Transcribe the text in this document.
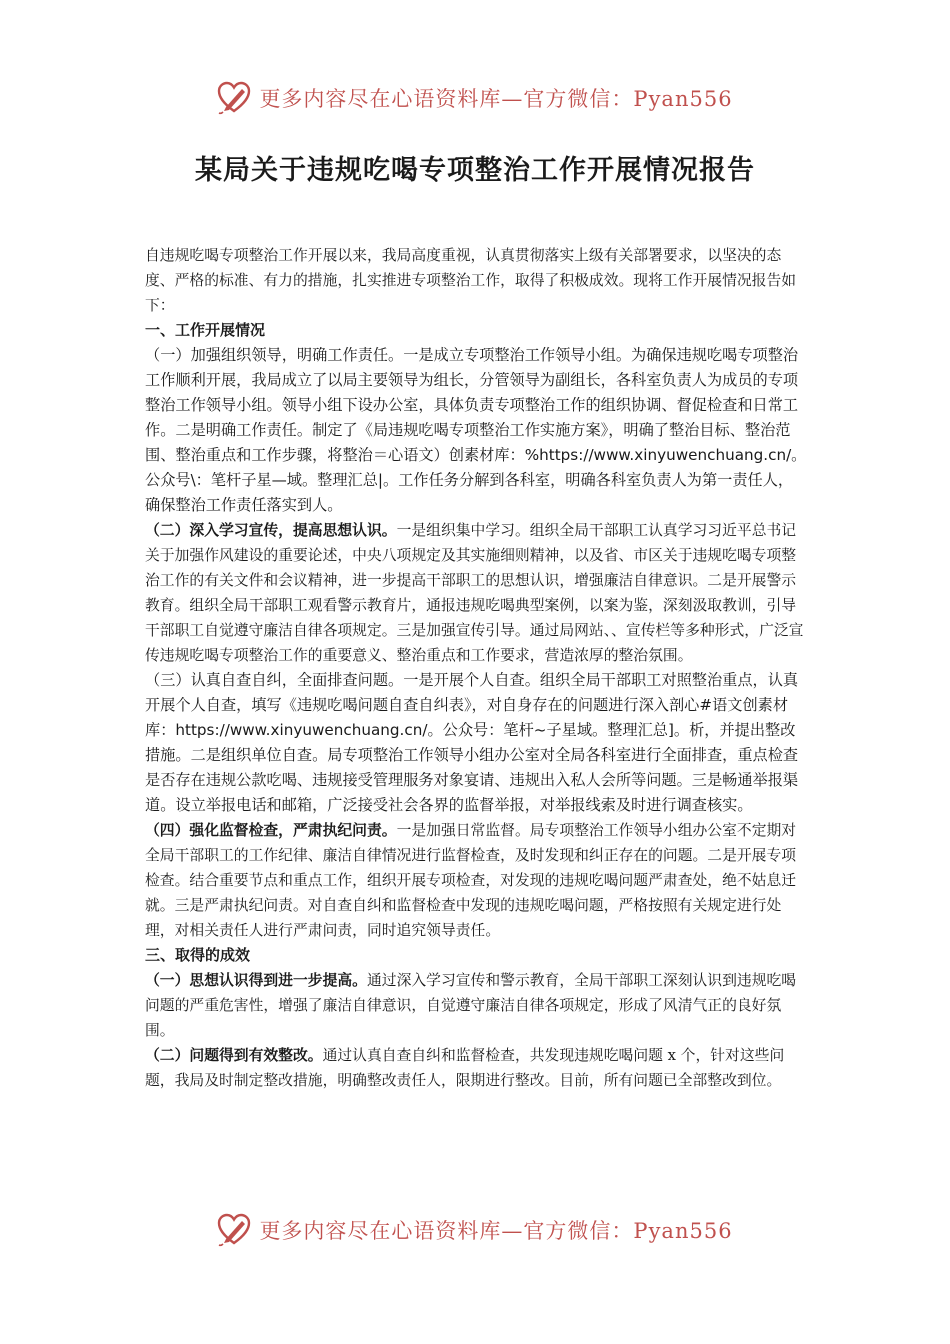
更多内容尽在心语资料库—官方微信：Pyan556
某局关于违规吃喝专项整治工作开展情况报告

自违规吃喝专项整治工作开展以来，我局高度重视，认真贯彻落实上级有关部署要求，以坚决的态度、严格的标准、有力的措施，扎实推进专项整治工作，取得了积极成效。现将工作开展情况报告如下：

一、工作开展情况

（一）加强组织领导，明确工作责任。一是成立专项整治工作领导小组。为确保违规吃喝专项整治工作顺利开展，我局成立了以局主要领导为组长，分管领导为副组长，各科室负责人为成员的专项整治工作领导小组。领导小组下设办公室，具体负责专项整治工作的组织协调、督促检查和日常工作。二是明确工作责任。制定了《局违规吃喝专项整治工作实施方案》，明确了整治目标、整治范围、整治重点和工作步骤，将整治＝心语文）创素材库：%https://www.xinyuwenchuang.cn/。公众号\：笔杆子星—域。整理汇总|。工作任务分解到各科室，明确各科室负责人为第一责任人，确保整治工作责任落实到人。

（二）深入学习宣传，提高思想认识。一是组织集中学习。组织全局干部职工认真学习习近平总书记关于加强作风建设的重要论述，中央八项规定及其实施细则精神，以及省、市区关于违规吃喝专项整治工作的有关文件和会议精神，进一步提高干部职工的思想认识，增强廉洁自律意识。二是开展警示教育。组织全局干部职工观看警示教育片，通报违规吃喝典型案例，以案为鉴，深刻汲取教训，引导干部职工自觉遵守廉洁自律各项规定。三是加强宣传引导。通过局网站、、宣传栏等多种形式，广泛宣传违规吃喝专项整治工作的重要意义、整治重点和工作要求，营造浓厚的整治氛围。

（三）认真自查自纠，全面排查问题。一是开展个人自查。组织全局干部职工对照整治重点，认真开展个人自查，填写《违规吃喝问题自查自纠表》，对自身存在的问题进行深入剖心#语文创素材库：https://www.xinyuwenchuang.cn/。公众号：笔杆~子星域。整理汇总]。析，并提出整改措施。二是组织单位自查。局专项整治工作领导小组办公室对全局各科室进行全面排查，重点检查是否存在违规公款吃喝、违规接受管理服务对象宴请、违规出入私人会所等问题。三是畅通举报渠道。设立举报电话和邮箱，广泛接受社会各界的监督举报，对举报线索及时进行调查核实。

（四）强化监督检查，严肃执纪问责。一是加强日常监督。局专项整治工作领导小组办公室不定期对全局干部职工的工作纪律、廉洁自律情况进行监督检查，及时发现和纠正存在的问题。二是开展专项检查。结合重要节点和重点工作，组织开展专项检查，对发现的违规吃喝问题严肃查处，绝不姑息迁就。三是严肃执纪问责。对自查自纠和监督检查中发现的违规吃喝问题，严格按照有关规定进行处理，对相关责任人进行严肃问责，同时追究领导责任。

三、取得的成效

（一）思想认识得到进一步提高。通过深入学习宣传和警示教育，全局干部职工深刻认识到违规吃喝问题的严重危害性，增强了廉洁自律意识，自觉遵守廉洁自律各项规定，形成了风清气正的良好氛围。

（二）问题得到有效整改。通过认真自查自纠和监督检查，共发现违规吃喝问题 x 个，针对这些问题，我局及时制定整改措施，明确整改责任人，限期进行整改。目前，所有问题已全部整改到位。

更多内容尽在心语资料库—官方微信：Pyan556
